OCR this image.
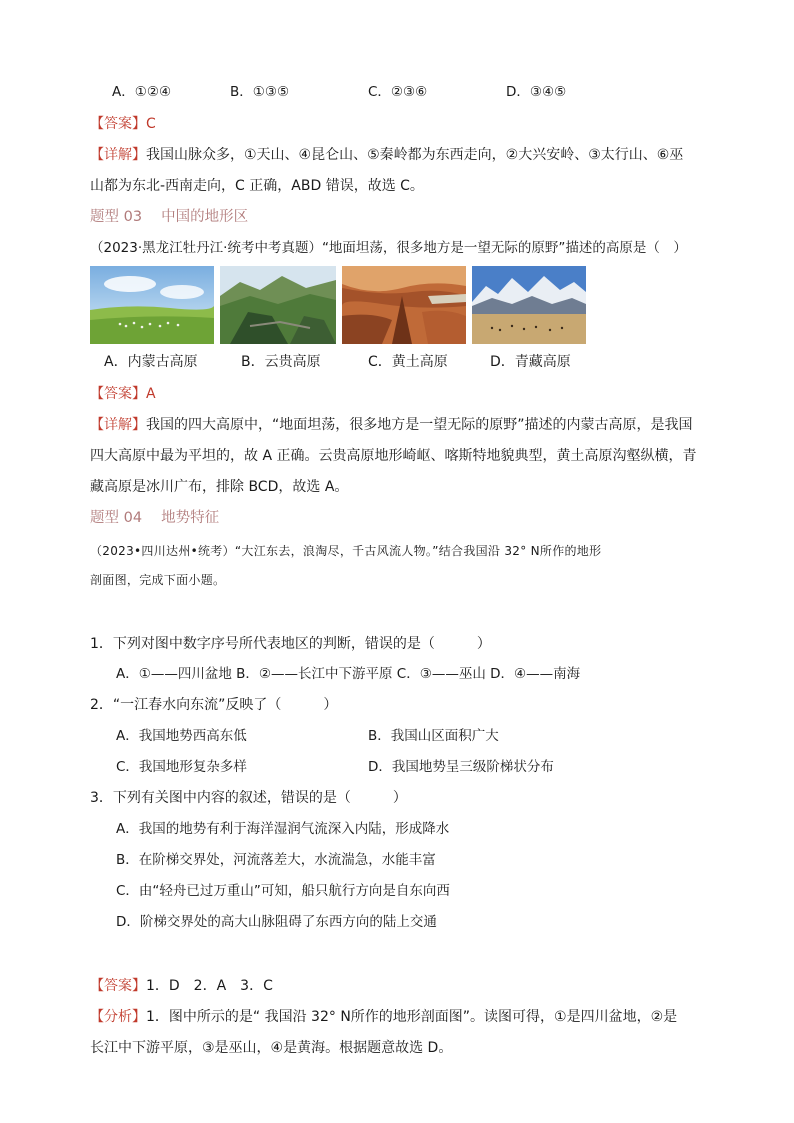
A．①②④	B．①③⑤	C．②③⑥	D．③④⑤
【答案】C
【详解】我国山脉众多，①天山、④昆仑山、⑤秦岭都为东西走向，②大兴安岭、③太行山、⑥巫
山都为东北-西南走向，C 正确，ABD 错误，故选 C。
题型 03　 中国的地形区
（2023·黑龙江牡丹江·统考中考真题）“地面坦荡，很多地方是一望无际的原野”描述的高原是（　）
A．内蒙古高原	B．云贵高原	C．黄土高原	D．青藏高原
【答案】A
【详解】我国的四大高原中，“地面坦荡，很多地方是一望无际的原野”描述的内蒙古高原，是我国
四大高原中最为平坦的，故 A 正确。云贵高原地形崎岖、喀斯特地貌典型，黄土高原沟壑纵横，青
藏高原是冰川广布，排除 BCD，故选 A。
题型 04　 地势特征
（2023•四川达州•统考）“大江东去，浪淘尽，千古风流人物。”结合我国沿 32° N所作的地形
剖面图，完成下面小题。
1．下列对图中数字序号所代表地区的判断，错误的是（　　　）
A．①——四川盆地 B．②——长江中下游平原 C．③——巫山 D．④——南海
2．“一江春水向东流”反映了（　　　）
A．我国地势西高东低	B．我国山区面积广大
C．我国地形复杂多样	D．我国地势呈三级阶梯状分布
3．下列有关图中内容的叙述，错误的是（　　　）
A．我国的地势有利于海洋湿润气流深入内陆，形成降水
B．在阶梯交界处，河流落差大，水流湍急，水能丰富
C．由“轻舟已过万重山”可知，船只航行方向是自东向西
D．阶梯交界处的高大山脉阻碍了东西方向的陆上交通
【答案】1．D　2．A　3．C
【分析】1．图中所示的是“ 我国沿 32° N所作的地形剖面图”。读图可得，①是四川盆地，②是
长江中下游平原，③是巫山，④是黄海。根据题意故选 D。
